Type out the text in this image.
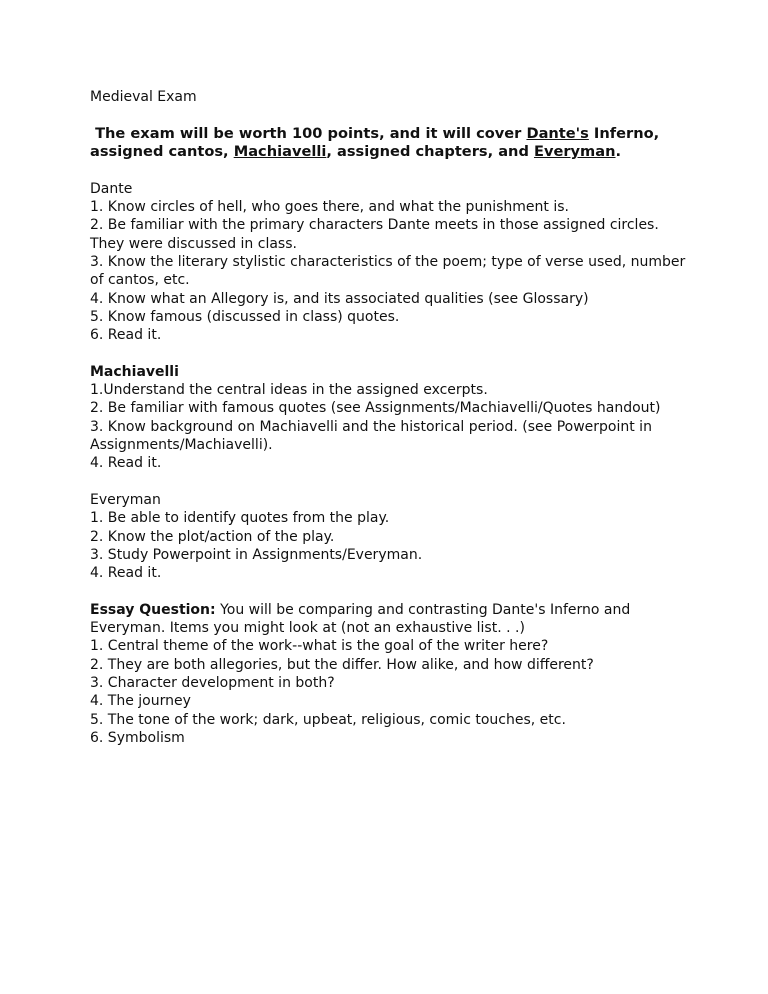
Medieval Exam
The exam will be worth 100 points, and it will cover Dante's Inferno,
assigned cantos, Machiavelli, assigned chapters, and Everyman.
Dante
1. Know circles of hell, who goes there, and what the punishment is.
2. Be familiar with the primary characters Dante meets in those assigned circles.
They were discussed in class.
3. Know the literary stylistic characteristics of the poem; type of verse used, number
of cantos, etc.
4. Know what an Allegory is, and its associated qualities (see Glossary)
5. Know famous (discussed in class) quotes.
6. Read it.
Machiavelli
1.Understand the central ideas in the assigned excerpts.
2. Be familiar with famous quotes (see Assignments/Machiavelli/Quotes handout)
3. Know background on Machiavelli and the historical period. (see Powerpoint in
Assignments/Machiavelli).
4. Read it.
Everyman
1. Be able to identify quotes from the play.
2. Know the plot/action of the play.
3. Study Powerpoint in Assignments/Everyman.
4. Read it.
Essay Question: You will be comparing and contrasting Dante's Inferno and
Everyman. Items you might look at (not an exhaustive list. . .)
1. Central theme of the work--what is the goal of the writer here?
2. They are both allegories, but the differ. How alike, and how different?
3. Character development in both?
4. The journey
5. The tone of the work; dark, upbeat, religious, comic touches, etc.
6. Symbolism
